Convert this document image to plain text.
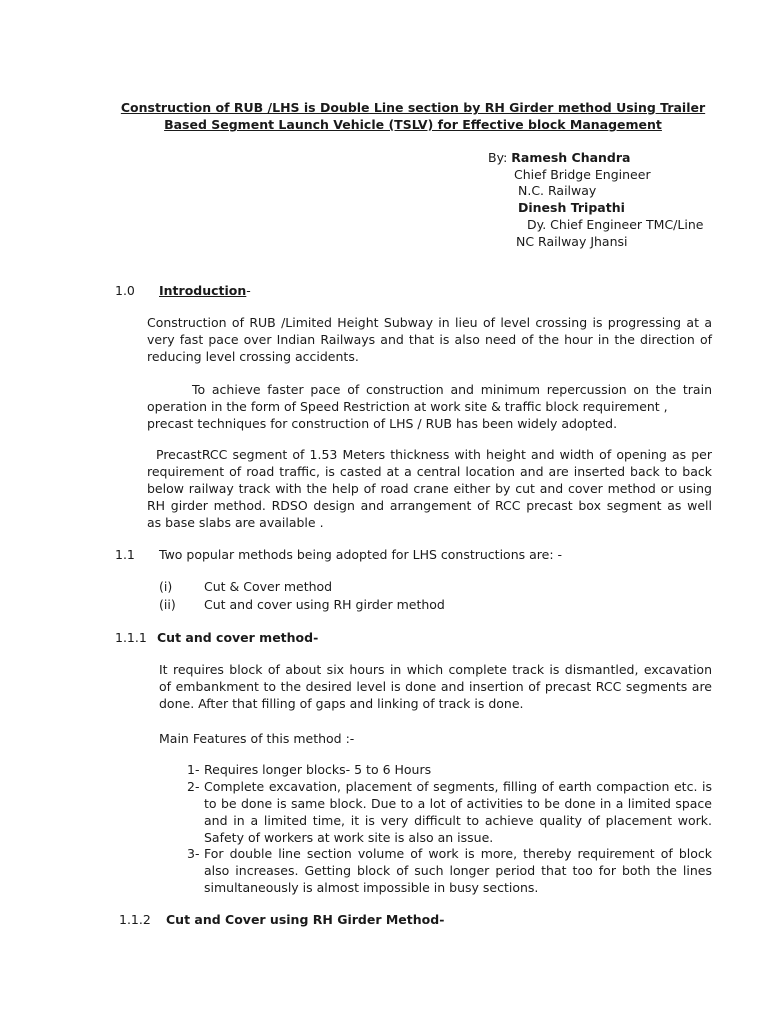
Construction of RUB /LHS is Double Line section by RH Girder method Using Trailer
Based Segment Launch Vehicle (TSLV) for Effective block Management
By: Ramesh Chandra
Chief Bridge Engineer
N.C. Railway
Dinesh Tripathi
Dy. Chief Engineer TMC/Line
NC Railway Jhansi
1.0 Introduction-
Construction of RUB /Limited Height Subway in lieu of level crossing is progressing at a
very fast pace over Indian Railways and that is also need of the hour in the direction of
reducing level crossing accidents.
To achieve faster pace of construction and minimum repercussion on the train
operation in the form of Speed Restriction at work site & traffic block requirement ,
precast techniques for construction of LHS / RUB has been widely adopted.
PrecastRCC segment of 1.53 Meters thickness with height and width of opening as per
requirement of road traffic, is casted at a central location and are inserted back to back
below railway track with the help of road crane either by cut and cover method or using
RH girder method. RDSO design and arrangement of RCC precast box segment as well
as base slabs are available .
1.1 Two popular methods being adopted for LHS constructions are: -
(i)	Cut & Cover method
(ii) Cut and cover using RH girder method
1.1.1 Cut and cover method-
It requires block of about six hours in which complete track is dismantled, excavation
of embankment to the desired level is done and insertion of precast RCC segments are
done. After that filling of gaps and linking of track is done.
Main Features of this method :-
1- Requires longer blocks- 5 to 6 Hours
2- Complete excavation, placement of segments, filling of earth compaction etc. is
to be done is same block. Due to a lot of activities to be done in a limited space
and in a limited time, it is very difficult to achieve quality of placement work.
Safety of workers at work site is also an issue.
3- For double line section volume of work is more, thereby requirement of block
also increases. Getting block of such longer period that too for both the lines
simultaneously is almost impossible in busy sections.
1.1.2 Cut and Cover using RH Girder Method-
